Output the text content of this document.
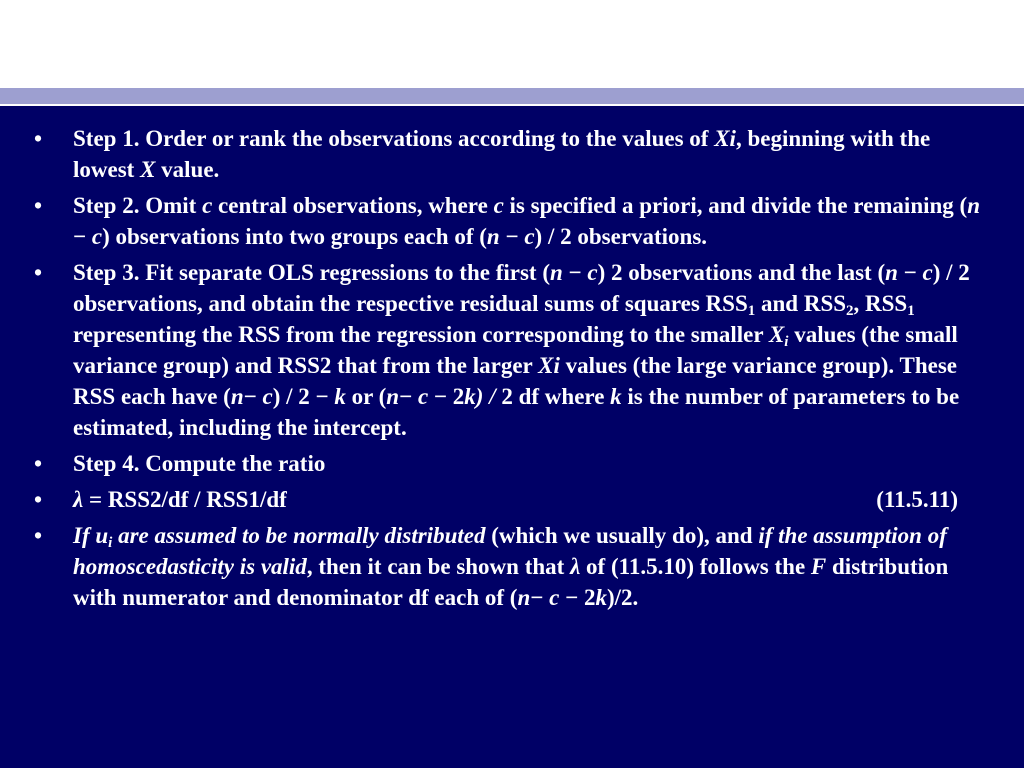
• Step 1. Order or rank the observations according to the values of Xi, beginning with the lowest X value.
• Step 2. Omit c central observations, where c is specified a priori, and divide the remaining (n − c) observations into two groups each of (n − c) / 2 observations.
• Step 3. Fit separate OLS regressions to the first (n − c) 2 observations and the last (n − c) / 2 observations, and obtain the respective residual sums of squares $RSS_1$ and $RSS_2$, $RSS_1$ representing the RSS from the regression corresponding to the smaller $X_i$ values (the small variance group) and RSS2 that from the larger Xi values (the large variance group). These RSS each have (n− c) / 2 − k or (n− c − 2k) / 2 df where k is the number of parameters to be estimated, including the intercept.
• Step 4. Compute the ratio
• λ = RSS2/df / RSS1/df	(11.5.11)
• If $u_i$ are assumed to be normally distributed (which we usually do), and if the assumption of homoscedasticity is valid, then it can be shown that λ of (11.5.10) follows the F distribution with numerator and denominator df each of (n− c − 2k)/2.
